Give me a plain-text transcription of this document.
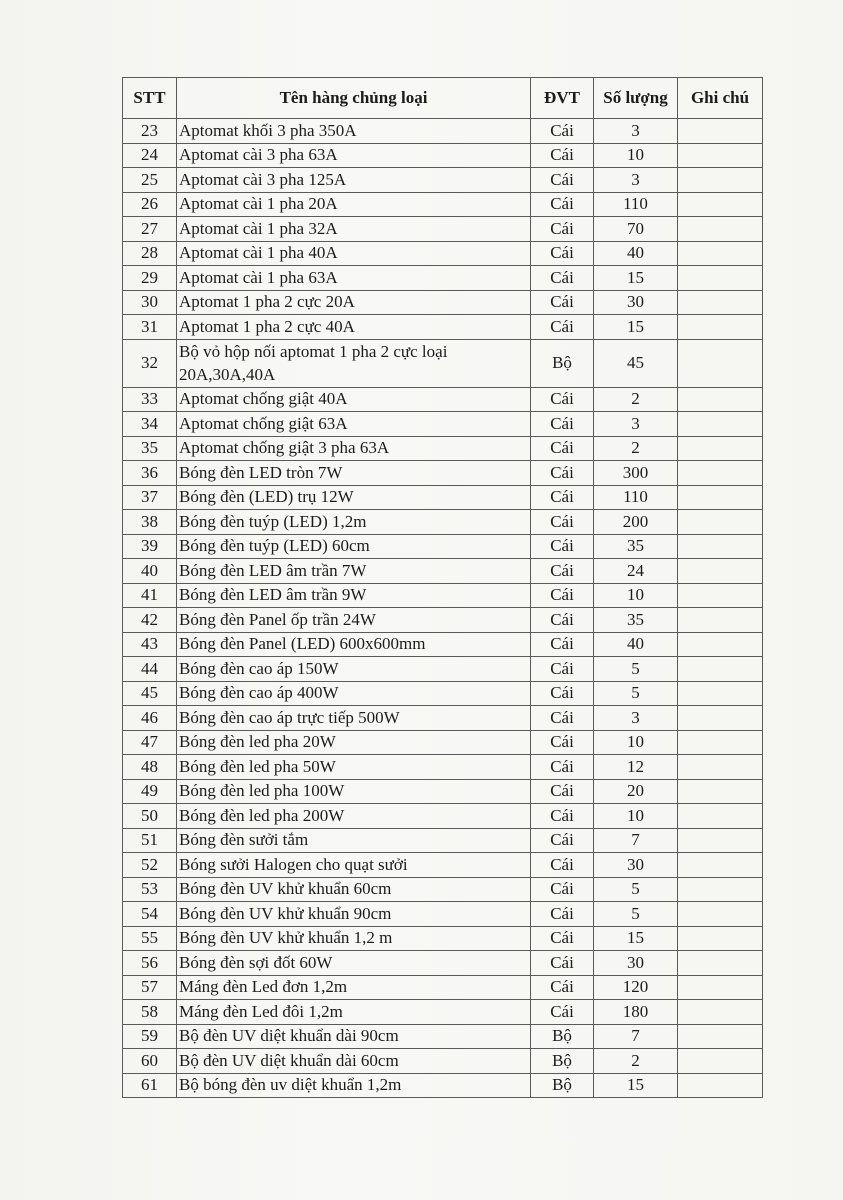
STT	Tên hàng chủng loại	ĐVT	Số lượng	Ghi chú
23	Aptomat khối 3 pha 350A	Cái	3	
24	Aptomat cài 3 pha 63A	Cái	10	
25	Aptomat cài 3 pha 125A	Cái	3	
26	Aptomat cài 1 pha 20A	Cái	110	
27	Aptomat cài 1 pha 32A	Cái	70	
28	Aptomat cài 1 pha 40A	Cái	40	
29	Aptomat cài 1 pha 63A	Cái	15	
30	Aptomat 1 pha 2 cực 20A	Cái	30	
31	Aptomat 1 pha 2 cực 40A	Cái	15	
32	Bộ vỏ hộp nối aptomat 1 pha 2 cực loại 20A,30A,40A	Bộ	45	
33	Aptomat chống giật 40A	Cái	2	
34	Aptomat chống giật 63A	Cái	3	
35	Aptomat chống giật 3 pha 63A	Cái	2	
36	Bóng đèn LED tròn 7W	Cái	300	
37	Bóng đèn (LED) trụ 12W	Cái	110	
38	Bóng đèn tuýp (LED) 1,2m	Cái	200	
39	Bóng đèn tuýp (LED) 60cm	Cái	35	
40	Bóng đèn LED âm trần 7W	Cái	24	
41	Bóng đèn LED âm trần 9W	Cái	10	
42	Bóng đèn Panel ốp trần 24W	Cái	35	
43	Bóng đèn Panel (LED) 600x600mm	Cái	40	
44	Bóng đèn cao áp 150W	Cái	5	
45	Bóng đèn cao áp 400W	Cái	5	
46	Bóng đèn cao áp trực tiếp 500W	Cái	3	
47	Bóng đèn led pha 20W	Cái	10	
48	Bóng đèn led pha 50W	Cái	12	
49	Bóng đèn led pha 100W	Cái	20	
50	Bóng đèn led pha 200W	Cái	10	
51	Bóng đèn sưởi tắm	Cái	7	
52	Bóng sưởi Halogen cho quạt sưởi	Cái	30	
53	Bóng đèn UV khử khuẩn 60cm	Cái	5	
54	Bóng đèn UV khử khuẩn 90cm	Cái	5	
55	Bóng đèn UV khử khuẩn 1,2 m	Cái	15	
56	Bóng đèn sợi đốt 60W	Cái	30	
57	Máng đèn Led đơn 1,2m	Cái	120	
58	Máng đèn Led đôi 1,2m	Cái	180	
59	Bộ đèn UV diệt khuẩn dài 90cm	Bộ	7	
60	Bộ đèn UV diệt khuẩn dài 60cm	Bộ	2	
61	Bộ bóng đèn uv diệt khuẩn 1,2m	Bộ	15	
